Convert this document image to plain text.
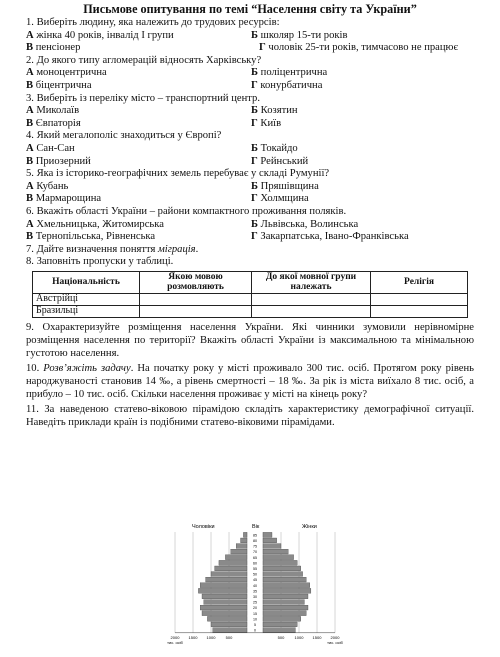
Письмове опитування по темі “Населення світу та України”
1. Виберіть людину, яка належить до трудових ресурсів:
А жінка 40 років, інвалід І групи	Б школяр 15-ти років
В пенсіонер	Г чоловік 25-ти років, тимчасово не працює
2. До якого типу агломерацій відносять Харківську?
А моноцентрична	Б поліцентрична
В біцентрична	Г конурбатична
3. Виберіть із переліку місто – транспортний центр.
А Миколаїв	Б Козятин
В Євпаторія	Г Київ
4. Який мегалополіс знаходиться у Європі?
А Сан-Сан	Б Токайдо
В Приозерний	Г Рейнський
5. Яка із історико-географічних земель перебуває у складі Румунії?
А Кубань	Б Пряшівщина
В Мармарощина	Г Холмщина
6. Вкажіть області України – райони компактного проживання поляків.
А Хмельницька, Житомирська	Б Львівська, Волинська
В Тернопільська, Рівненська	Г Закарпатська, Івано-Франківська
7. Дайте визначення поняття міграція.
8. Заповніть пропуски у таблиці.
Національність	Якою мовою розмовляють	До якої мовної групи належать	Релігія
Австрійці			
Бразильці			
9. Охарактеризуйте розміщення населення України. Які чинники зумовили нерівномірне розміщення населення по території? Вкажіть області України із максимальною та мінімальною густотою населення.
10. Розв’яжіть задачу. На початку року у місті проживало 300 тис. осіб. Протягом року рівень народжуваності становив 14 ‰, а рівень смертності – 18 ‰. За рік із міста виїхало 8 тис. осіб, а прибуло – 10 тис. осіб. Скільки населення проживає у місті на кінець року?
11. За наведеною статево-віковою пірамідою складіть характеристику демографічної ситуації. Наведіть приклади країн із подібними статево-віковими пірамідами.
Чоловіки	Вік	Жінки
85
80
75
70
65
60
55
50
45
40
35
30
25
20
15
10
5
0
2000 1500 1000	500	500	1000 1500 2000
тис. осіб	тис. осіб
